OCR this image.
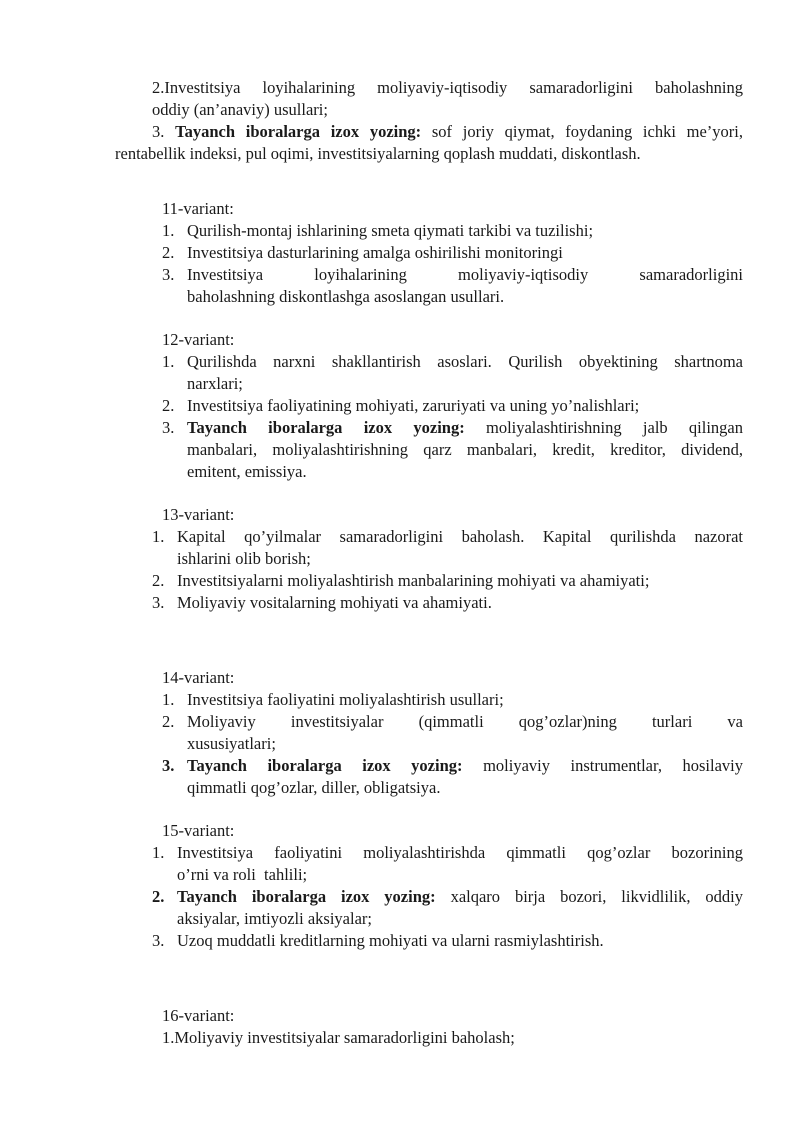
2.Investitsiya loyihalarining moliyaviy-iqtisodiy samaradorligini baholashning
oddiy (an’anaviy) usullari;
3. Tayanch iboralarga izox yozing: sof joriy qiymat, foydaning ichki me’yori,
rentabellik indeksi, pul oqimi, investitsiyalarning qoplash muddati, diskontlash.
11-variant:
1. Qurilish-montaj ishlarining smeta qiymati tarkibi va tuzilishi;
2. Investitsiya dasturlarining amalga oshirilishi monitoringi
3. Investitsiya loyihalarining moliyaviy-iqtisodiy samaradorligini
baholashning diskontlashga asoslangan usullari.
12-variant:
1. Qurilishda narxni shakllantirish asoslari. Qurilish obyektining shartnoma
narxlari;
2. Investitsiya faoliyatining mohiyati, zaruriyati va uning yo’nalishlari;
3. Tayanch iboralarga izox yozing: moliyalashtirishning jalb qilingan
manbalari, moliyalashtirishning qarz manbalari, kredit, kreditor, dividend,
emitent, emissiya.
13-variant:
1. Kapital qo’yilmalar samaradorligini baholash. Kapital qurilishda nazorat
ishlarini olib borish;
2. Investitsiyalarni moliyalashtirish manbalarining mohiyati va ahamiyati;
3. Moliyaviy vositalarning mohiyati va ahamiyati.
14-variant:
1. Investitsiya faoliyatini moliyalashtirish usullari;
2. Moliyaviy investitsiyalar (qimmatli qog’ozlar)ning turlari va
xususiyatlari;
3. Tayanch iboralarga izox yozing: moliyaviy instrumentlar, hosilaviy
qimmatli qog’ozlar, diller, obligatsiya.
15-variant:
1. Investitsiya faoliyatini moliyalashtirishda qimmatli qog’ozlar bozorining
o’rni va roli  tahlili;
2. Tayanch iboralarga izox yozing: xalqaro birja bozori, likvidlilik, oddiy
aksiyalar, imtiyozli aksiyalar;
3. Uzoq muddatli kreditlarning mohiyati va ularni rasmiylashtirish.
16-variant:
1.Moliyaviy investitsiyalar samaradorligini baholash;
